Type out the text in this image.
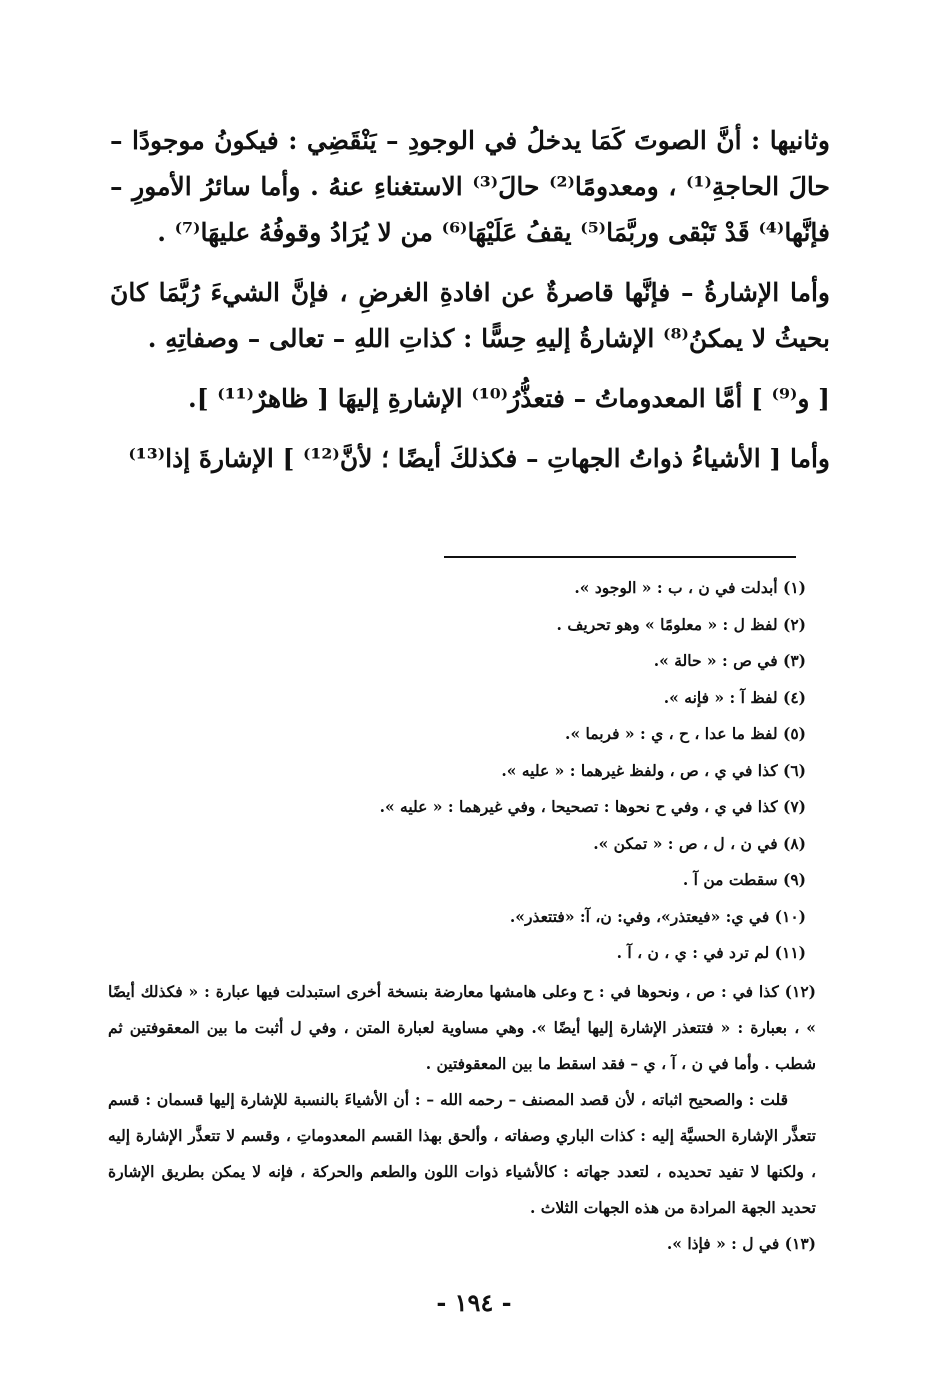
وثانيها : أنَّ الصوتَ كَمَا يدخلُ في الوجودِ – يَنْقَضِي : فيكونُ موجودًا – حالَ الحاجةِ⁽¹⁾ ، ومعدومًا⁽²⁾ حالَ⁽³⁾ الاستغناءِ عنهُ . وأما سائرُ الأمورِ – فإنَّها⁽⁴⁾ قَدْ تَبْقى وربَّمَا⁽⁵⁾ يقفُ عَلَيْهَا⁽⁶⁾ من لا يُرَادُ وقوفُهُ عليهَا⁽⁷⁾ .

وأما الإشارةُ – فإنَّها قاصرةٌ عن افادةِ الغرضِ ، فإنَّ الشيءَ رُبَّمَا كانَ بحيثُ لا يمكنُ⁽⁸⁾ الإشارةُ إليهِ حِسًّا : كذاتِ اللهِ – تعالى – وصفاتِهِ .

[ و⁽⁹⁾ ] أمَّا المعدوماتُ – فتعذُّرُ⁽¹⁰⁾ الإشارةِ إليهَا [ ظاهرٌ⁽¹¹⁾ ].

وأما [ الأشياءُ ذواتُ الجهاتِ – فكذلكَ أيضًا ؛ لأنَّ⁽¹²⁾ ] الإشارةَ إذا⁽¹³⁾

(١) أبدلت في ن ، ب : « الوجود ».

(٢) لفظ ل : « معلومًا » وهو تحريف .

(٣) في ص : « حالة ».

(٤) لفظ آ : « فإنه ».

(٥) لفظ ما عدا ، ح ، ي : « فربما ».

(٦) كذا في ي ، ص ، ولفظ غيرهما : « عليه ».

(٧) كذا في ي ، وفي ح نحوها : تصحيحا ، وفي غيرهما : « عليه ».

(٨) في ن ، ل ، ص : « تمكن ».

(٩) سقطت من آ .

(١٠) في ي: «فيعتذر»، وفي: ن، آ: «فتتعذر».

(١١) لم ترد في : ي ، ن ، آ .

(١٢) كذا في : ص ، ونحوها في : ح وعلى هامشها معارضة بنسخة أخرى استبدلت فيها عبارة : « فكذلك أيضًا » ، بعبارة : « فتتعذر الإشارة إليها أيضًا ». وهي مساوية لعبارة المتن ، وفي ل أثبت ما بين المعقوفتين ثم شطب . وأما في ن ، آ ، ي – فقد اسقط ما بين المعقوفتين .

قلت : والصحيح اثباته ، لأن قصد المصنف – رحمه الله – : أن الأشياءَ بالنسبة للإشارة إليها قسمان : قسم تتعذَّر الإشارة الحسيَّة إليه : كذات الباري وصفاته ، وألحق بهذا القسم المعدوماتِ ، وقسم لا تتعذَّر الإشارة إليه ، ولكنها لا تفيد تحديده ، لتعدد جهاته : كالأشياء ذوات اللون والطعم والحركة ، فإنه لا يمكن بطريق الإشارة تحديد الجهة المرادة من هذه الجهات الثلاث .

(١٣) في ل : « فإذا ».

- ١٩٤ -
